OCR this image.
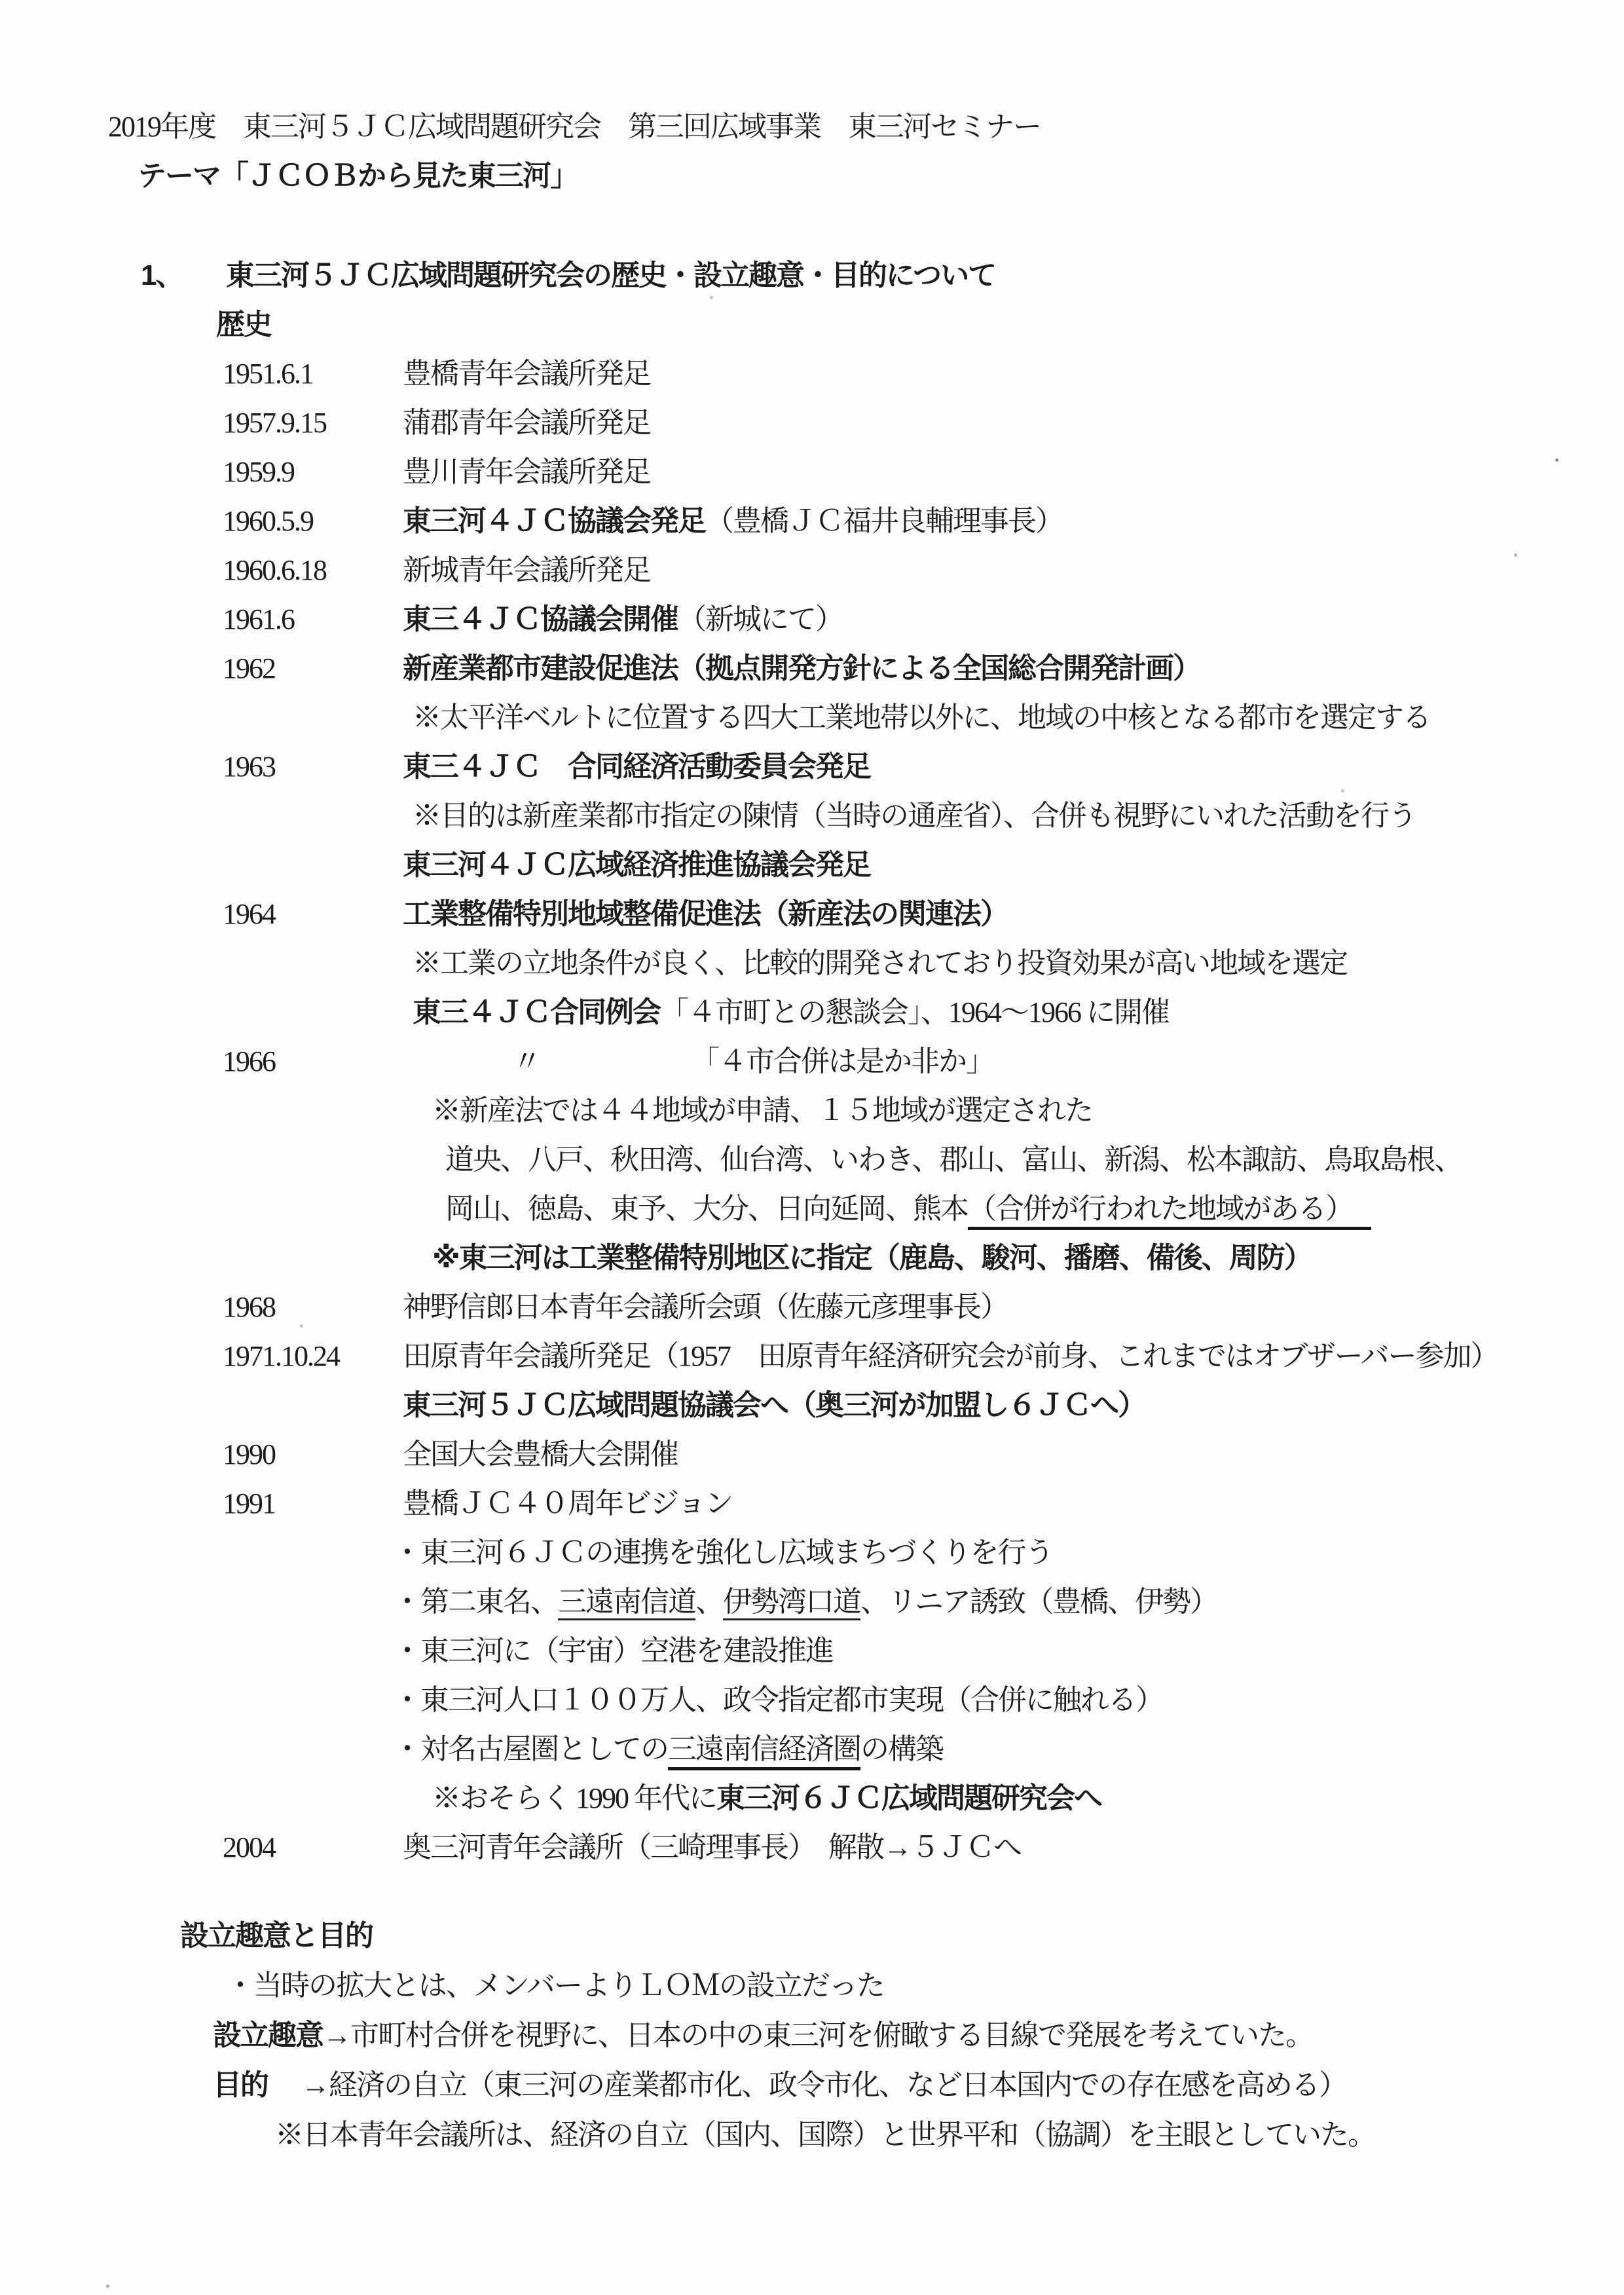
2019年度　東三河５ＪＣ広域問題研究会　第三回広域事業　東三河セミナー
テーマ「ＪＣＯＢから見た東三河」
1、	東三河５ＪＣ広域問題研究会の歴史・設立趣意・目的について
歴史
1951.6.1	豊橋青年会議所発足
1957.9.15	蒲郡青年会議所発足
1959.9	豊川青年会議所発足
1960.5.9	東三河４ＪＣ協議会発足（豊橋ＪＣ福井良輔理事長）
1960.6.18	新城青年会議所発足
1961.6	東三４ＪＣ協議会開催（新城にて）
1962	新産業都市建設促進法（拠点開発方針による全国総合開発計画）
※太平洋ベルトに位置する四大工業地帯以外に、地域の中核となる都市を選定する
1963	東三４ＪＣ　合同経済活動委員会発足
※目的は新産業都市指定の陳情（当時の通産省）、合併も視野にいれた活動を行う
東三河４ＪＣ広域経済推進協議会発足
1964	工業整備特別地域整備促進法（新産法の関連法）
※工業の立地条件が良く、比較的開発されており投資効果が高い地域を選定
東三４ＪＣ合同例会「４市町との懇談会」、1964～1966 に開催
1966	　　　　〃　　　　　　「４市合併は是か非か」
※新産法では４４地域が申請、１５地域が選定された
道央、八戸、秋田湾、仙台湾、いわき、郡山、富山、新潟、松本諏訪、鳥取島根、
岡山、徳島、東予、大分、日向延岡、熊本（合併が行われた地域がある）
※東三河は工業整備特別地区に指定（鹿島、駿河、播磨、備後、周防）
1968	神野信郎日本青年会議所会頭（佐藤元彦理事長）
1971.10.24	田原青年会議所発足（1957　田原青年経済研究会が前身、これまではオブザーバー参加）
東三河５ＪＣ広域問題協議会へ（奥三河が加盟し６ＪＣへ）
1990	全国大会豊橋大会開催
1991	豊橋ＪＣ４０周年ビジョン
・東三河６ＪＣの連携を強化し広域まちづくりを行う
・第二東名、三遠南信道、伊勢湾口道、リニア誘致（豊橋、伊勢）
・東三河に（宇宙）空港を建設推進
・東三河人口１００万人、政令指定都市実現（合併に触れる）
・対名古屋圏としての三遠南信経済圏の構築
※おそらく 1990 年代に東三河６ＪＣ広域問題研究会へ
2004	奥三河青年会議所（三崎理事長）　解散→５ＪＣへ
設立趣意と目的
・当時の拡大とは、メンバーよりＬＯＭの設立だった
設立趣意→市町村合併を視野に、日本の中の東三河を俯瞰する目線で発展を考えていた。
目的　 →経済の自立（東三河の産業都市化、政令市化、など日本国内での存在感を高める）
※日本青年会議所は、経済の自立（国内、国際）と世界平和（協調）を主眼としていた。
